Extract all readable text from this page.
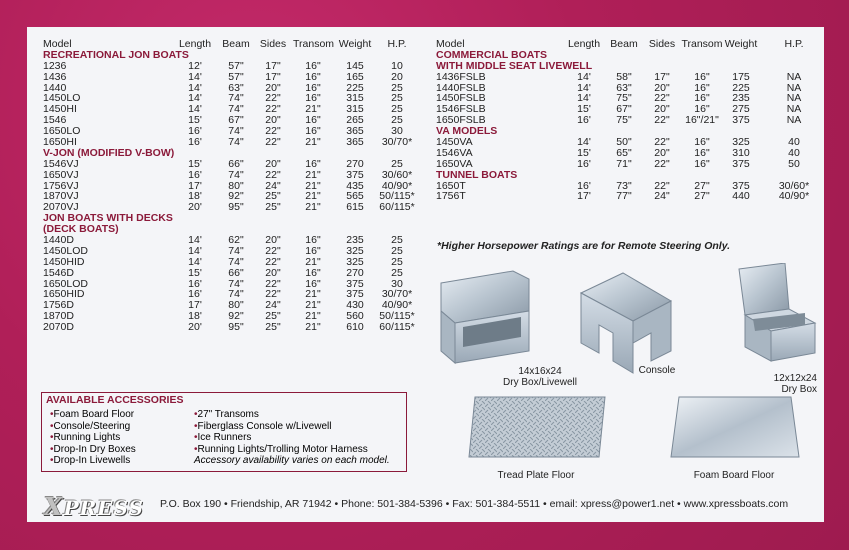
Model	Length Beam Sides Transom Weight	H.P.
RECREATIONAL JON BOATS
1236	12'	57"	17"	16"	145	10
1436	14'	57"	17"	16"	165	20
1440	14'	63"	20"	16"	225	25
1450LO	14'	74"	22"	16"	315	25
1450HI	14'	74"	22"	21"	315	25
1546	15'	67"	20"	16"	265	25
1650LO	16'	74"	22"	16"	365	30
1650HI	16'	74"	22"	21"	365	30/70*
V-JON (MODIFIED V-BOW)
1546VJ	15'	66"	20"	16"	270	25
1650VJ	16'	74"	22"	21"	375	30/60*
1756VJ	17'	80"	24"	21"	435	40/90*
1870VJ	18'	92"	25"	21"	565	50/115*
2070VJ	20'	95"	25"	21"	615	60/115*
JON BOATS WITH DECKS
(DECK BOATS)
1440D	14'	62"	20"	16"	235	25
1450LOD	14'	74"	22"	16"	325	25
1450HID	14'	74"	22"	21"	325	25
1546D	15'	66"	20"	16"	270	25
1650LOD	16'	74"	22"	16"	375	30
1650HID	16'	74"	22"	21"	375	30/70*
1756D	17'	80"	24"	21"	430	40/90*
1870D	18'	92"	25"	21"	560	50/115*
2070D	20'	95"	25"	21"	610	60/115*
Model	Length Beam	Sides Transom Weight	H.P.
COMMERCIAL BOATS
WITH MIDDLE SEAT LIVEWELL
1436FSLB	14'	58"	17"	16"	175	NA
1440FSLB	14'	63"	20"	16"	225	NA
1450FSLB	14'	75"	22"	16"	235	NA
1546FSLB	15'	67"	20"	16"	275	NA
1650FSLB	16'	75"	22"	16"/21"	375	NA
VA MODELS
1450VA	14'	50"	22"	16"	325	40
1546VA	15'	65"	20"	16"	310	40
1650VA	16'	71"	22"	16"	375	50
TUNNEL BOATS
1650T	16'	73"	22"	27"	375	30/60*
1756T	17'	77"	24"	27"	440	40/90*
*Higher Horsepower Ratings are for Remote Steering Only.
14x16x24
Dry Box/Livewell
Console
12x12x24
Dry Box
Tread Plate Floor	Foam Board Floor
AVAILABLE ACCESSORIES
• Foam Board Floor
• Console/Steering
• Running Lights
• Drop-In Dry Boxes
• Drop-In Livewells
• 27" Transoms
• Fiberglass Console w/Livewell
• Ice Runners
• Running Lights/Trolling Motor Harness
Accessory availability varies on each model.
XPRESS P.O. Box 190 • Friendship, AR 71942 • Phone: 501-384-5396 • Fax: 501-384-5511 • email: xpress@power1.net • www.xpressboats.com
